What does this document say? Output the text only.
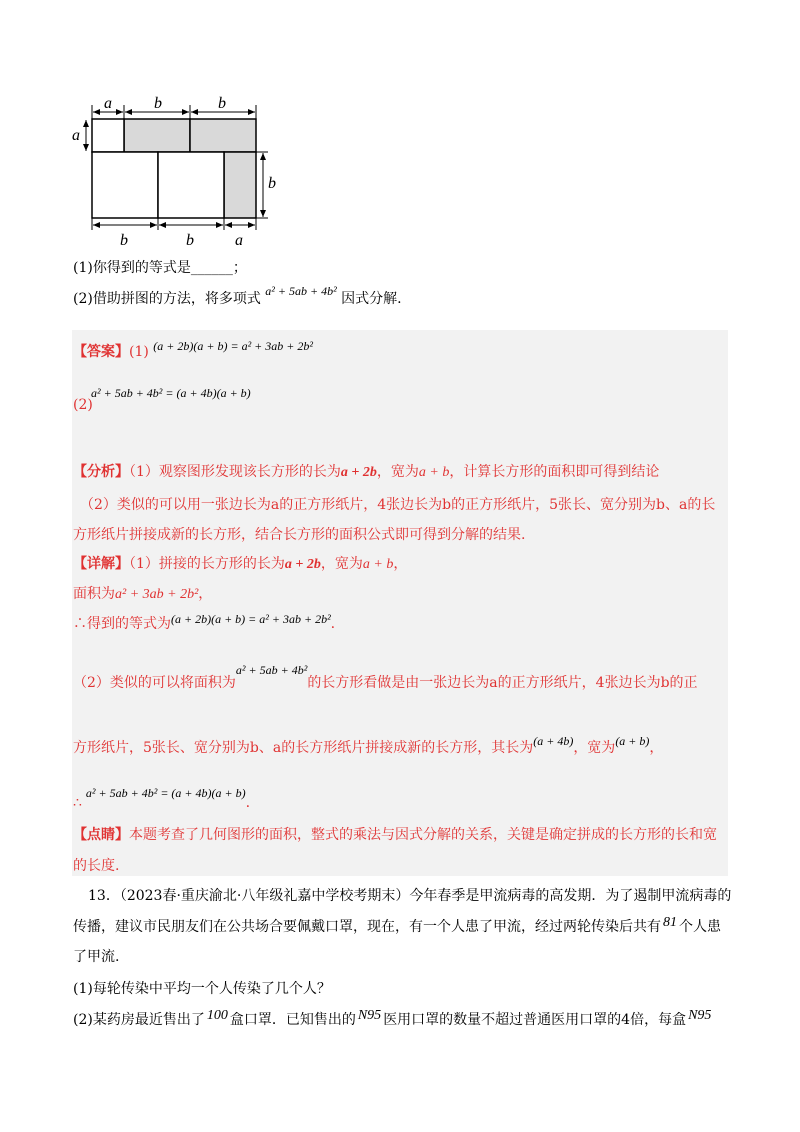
a	b	b
a
b
b	b	a
(1)你得到的等式是______；
(2)借助拼图的方法，将多项式 a² + 5ab + 4b² 因式分解.
【答案】(1) (a + 2b)(a + b) = a² + 3ab + 2b²
a² + 5ab + 4b² = (a + 4b)(a + b)
(2)
【分析】（1）观察图形发现该长方形的长为a + 2b，宽为a + b，计算长方形的面积即可得到结论
（2）类似的可以用一张边长为a的正方形纸片，4张边长为b的正方形纸片，5张长、宽分别为b、a的长
方形纸片拼接成新的长方形，结合长方形的面积公式即可得到分解的结果.
【详解】（1）拼接的长方形的长为a + 2b，宽为a + b，
面积为a² + 3ab + 2b²，
∴得到的等式为(a + 2b)(a + b) = a² + 3ab + 2b².
（2）类似的可以将面积为a² + 5ab + 4b²的长方形看做是由一张边长为a的正方形纸片，4张边长为b的正
方形纸片，5张长、宽分别为b、a的长方形纸片拼接成新的长方形，其长为(a + 4b)，宽为(a + b)，
∴a² + 5ab + 4b² = (a + 4b)(a + b).
【点睛】本题考查了几何图形的面积，整式的乘法与因式分解的关系，关键是确定拼成的长方形的长和宽
的长度.
13．（2023春·重庆渝北·八年级礼嘉中学校考期末）今年春季是甲流病毒的高发期．为了遏制甲流病毒的
传播，建议市民朋友们在公共场合要佩戴口罩，现在，有一个人患了甲流，经过两轮传染后共有 81 个人患
了甲流.
(1)每轮传染中平均一个人传染了几个人？
(2)某药房最近售出了 100 盒口罩．已知售出的 N95 医用口罩的数量不超过普通医用口罩的4倍，每盒 N95
